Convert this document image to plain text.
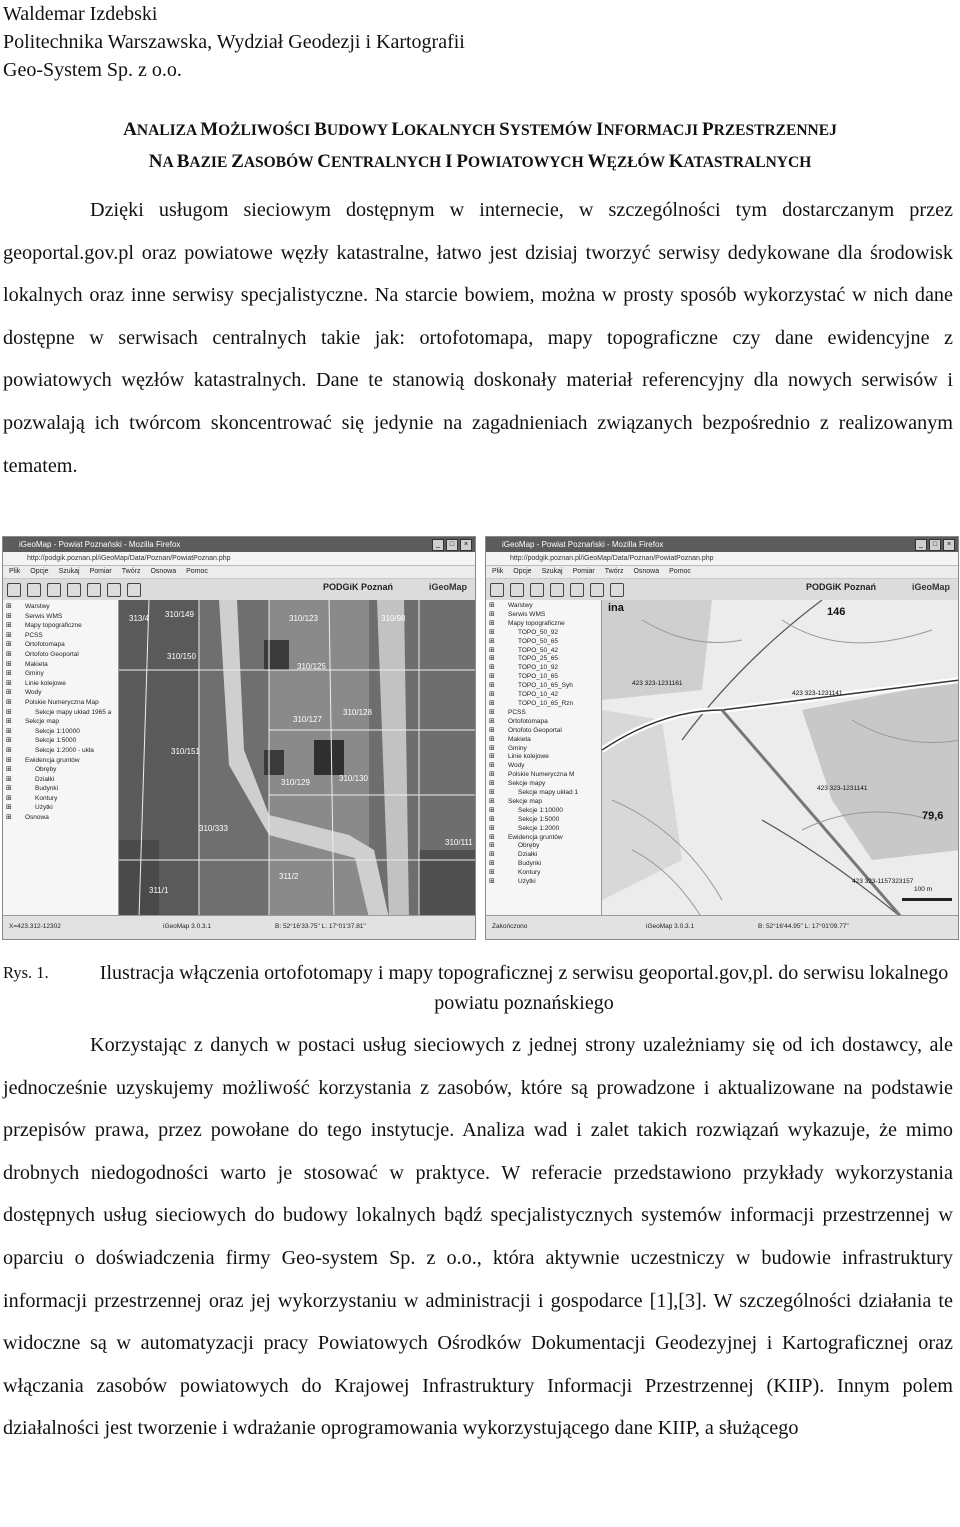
Waldemar Izdebski
Politechnika Warszawska, Wydział Geodezji i Kartografii
Geo-System Sp. z o.o.
ANALIZA MOŻLIWOŚCI BUDOWY LOKALNYCH SYSTEMÓW INFORMACJI PRZESTRZENNEJ
NA BAZIE ZASOBÓW CENTRALNYCH I POWIATOWYCH WĘZŁÓW KATASTRALNYCH
Dzięki usługom sieciowym dostępnym w internecie, w szczególności tym dostarczanym przez geoportal.gov.pl oraz powiatowe węzły katastralne, łatwo jest dzisiaj tworzyć serwisy dedykowane dla środowisk lokalnych oraz inne serwisy specjalistyczne. Na starcie bowiem, można w prosty sposób wykorzystać w nich dane dostępne w serwisach centralnych takie jak: ortofotomapa, mapy topograficzne czy dane ewidencyjne z powiatowych węzłów katastralnych. Dane te stanowią doskonały materiał referencyjny dla nowych serwisów i pozwalają ich twórcom skoncentrować się jedynie na zagadnieniach związanych bezpośrednio z realizowanym tematem.
iGeoMap - Powiat Poznański - Mozilla Firefox	_	□	×
http://podgik.poznan.pl/iGeoMap/Data/Poznan/PowiatPoznan.php
Plik Opcje Szukaj Pomiar Twórz Osnowa Pomoc
PODGiK Poznań	iGeoMap
⊞ Warstwy
⊞ Serwis WMS
⊞ Mapy topograficzne
⊞ PCSS
⊞ Ortofotomapa
⊞ Ortofoto Geoportal
⊞ Makieta
⊞ Gminy
⊞ Linie kolejowe
⊞ Wody
⊞ Polskie Numeryczna Map
⊞ Sekcje mapy układ 1965 a
⊞ Sekcje map
⊞ Sekcje 1:10000
⊞ Sekcje 1:5000
⊞ Sekcje 1:2000 - ukła
⊞ Ewidencja gruntów
⊞ Obręby
⊞ Działki
⊞ Budynki
⊞ Kontury
⊞ Użytki
⊞ Osnowa
313/4 310/149	310/123	310/98
310/150
310/125
310/127
310/128
310/151
310/129	310/130
310/333
310/111
311/1
311/2
X=423.312-12302	iGeoMap 3.0.3.1	B: 52°16'33.75" L: 17°01'37.81"
iGeoMap - Powiat Poznański - Mozilla Firefox	_	□	×
http://podgik.poznan.pl/iGeoMap/Data/Poznan/PowiatPoznan.php
Plik Opcje Szukaj Pomiar Twórz Osnowa Pomoc
PODGiK Poznań	iGeoMap
⊞ Warstwy
⊞ Serwis WMS
⊞ Mapy topograficzne
⊞ TOPO_50_92
⊞ TOPO_50_65
⊞ TOPO_50_42
⊞ TOPO_25_65
⊞ TOPO_10_92
⊞ TOPO_10_65
⊞ TOPO_10_65_Syh
⊞ TOPO_10_42
⊞ TOPO_10_65_Rzn
⊞ PCSS
⊞ Ortofotomapa
⊞ Ortofoto Geoportal
⊞ Makieta
⊞ Gminy
⊞ Linie kolejowe
⊞ Wody
⊞ Polskie Numeryczna M
⊞ Sekcje mapy
⊞ Sekcje mapy układ 1
⊞ Sekcje map
⊞ Sekcje 1:10000
⊞ Sekcje 1:5000
⊞ Sekcje 1:2000
⊞ Ewidencja gruntów
⊞ Obręby
⊞ Działki
⊞ Budynki
⊞ Kontury
⊞ Użytki
ina	146
423 323-1231161
423 323-1231141
423 323-1231141
79,6
423 323-1157323157
100 m
Zakończono	iGeoMap 3.0.3.1	B: 52°16'44.95" L: 17°01'09.77"
Rys. 1.	Ilustracja włączenia ortofotomapy i mapy topograficznej z serwisu geoportal.gov,pl. do serwisu lokalnego powiatu poznańskiego
Korzystając z danych w postaci usług sieciowych z jednej strony uzależniamy się od ich dostawcy, ale jednocześnie uzyskujemy możliwość korzystania z zasobów, które są prowadzone i aktualizowane na podstawie przepisów prawa, przez powołane do tego instytucje. Analiza wad i zalet takich rozwiązań wykazuje, że mimo drobnych niedogodności warto je stosować w praktyce. W referacie przedstawiono przykłady wykorzystania dostępnych usług sieciowych do budowy lokalnych bądź specjalistycznych systemów informacji przestrzennej w oparciu o doświadczenia firmy Geo-system Sp. z o.o., która aktywnie uczestniczy w budowie infrastruktury informacji przestrzennej oraz jej wykorzystaniu w administracji i gospodarce [1],[3]. W szczególności działania te widoczne są w automatyzacji pracy Powiatowych Ośrodków Dokumentacji Geodezyjnej i Kartograficznej oraz włączania zasobów powiatowych do Krajowej Infrastruktury Informacji Przestrzennej (KIIP). Innym polem działalności jest tworzenie i wdrażanie oprogramowania wykorzystującego dane KIIP, a służącego
